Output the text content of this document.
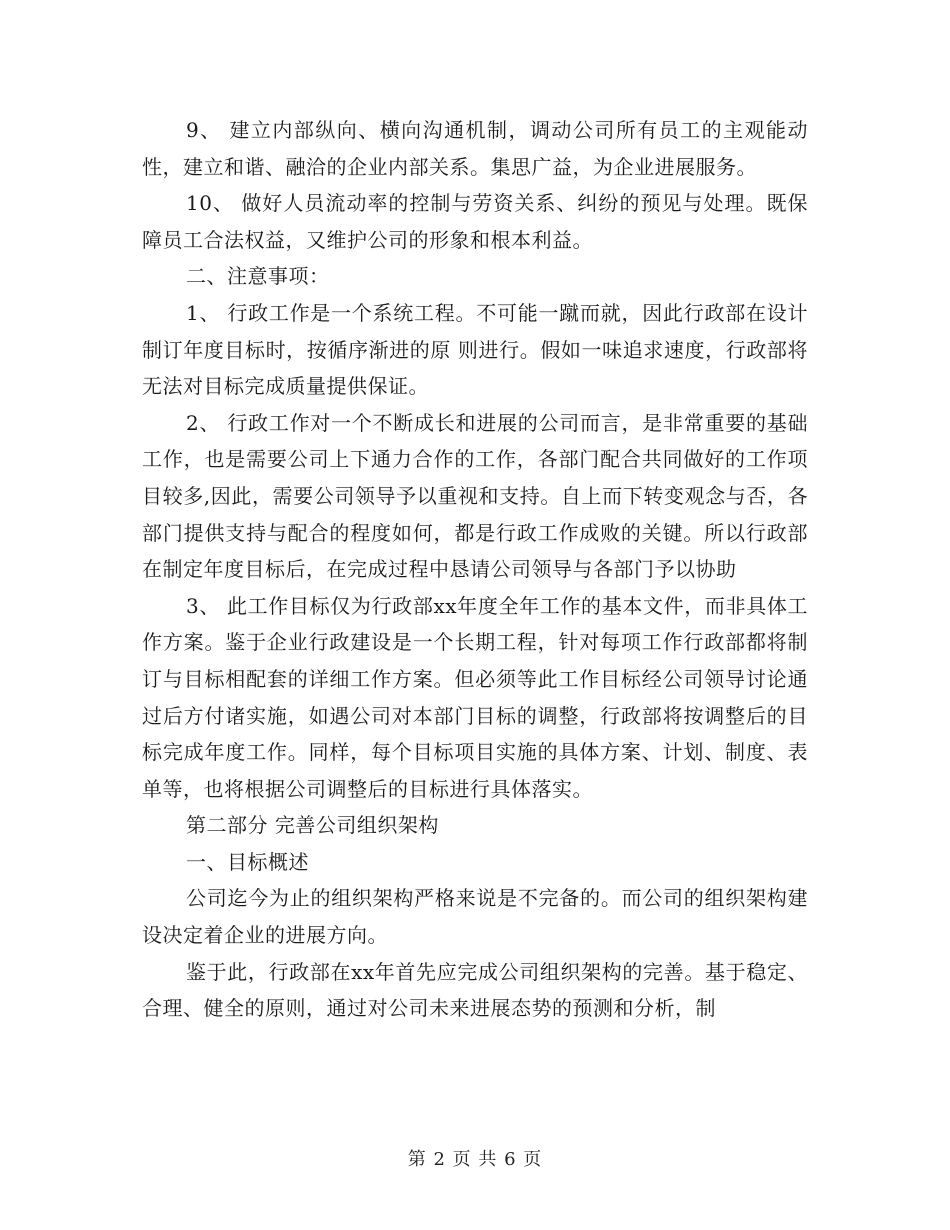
9、 建立内部纵向、横向沟通机制，调动公司所有员工的主观能动性，建立和谐、融洽的企业内部关系。集思广益，为企业进展服务。

10、 做好人员流动率的控制与劳资关系、纠纷的预见与处理。既保障员工合法权益，又维护公司的形象和根本利益。

二、注意事项：

1、 行政工作是一个系统工程。不可能一蹴而就，因此行政部在设计制订年度目标时，按循序渐进的原 则进行。假如一味追求速度，行政部将无法对目标完成质量提供保证。

2、 行政工作对一个不断成长和进展的公司而言，是非常重要的基础工作，也是需要公司上下通力合作的工作，各部门配合共同做好的工作项目较多,因此，需要公司领导予以重视和支持。自上而下转变观念与否，各部门提供支持与配合的程度如何，都是行政工作成败的关键。所以行政部在制定年度目标后，在完成过程中恳请公司领导与各部门予以协助

3、 此工作目标仅为行政部xx年度全年工作的基本文件，而非具体工作方案。鉴于企业行政建设是一个长期工程，针对每项工作行政部都将制订与目标相配套的详细工作方案。但必须等此工作目标经公司领导讨论通过后方付诸实施，如遇公司对本部门目标的调整，行政部将按调整后的目标完成年度工作。同样，每个目标项目实施的具体方案、计划、制度、表单等，也将根据公司调整后的目标进行具体落实。

第二部分 完善公司组织架构

一、目标概述

公司迄今为止的组织架构严格来说是不完备的。而公司的组织架构建设决定着企业的进展方向。

鉴于此，行政部在xx年首先应完成公司组织架构的完善。基于稳定、合理、健全的原则，通过对公司未来进展态势的预测和分析，制

第 2 页 共 6 页
